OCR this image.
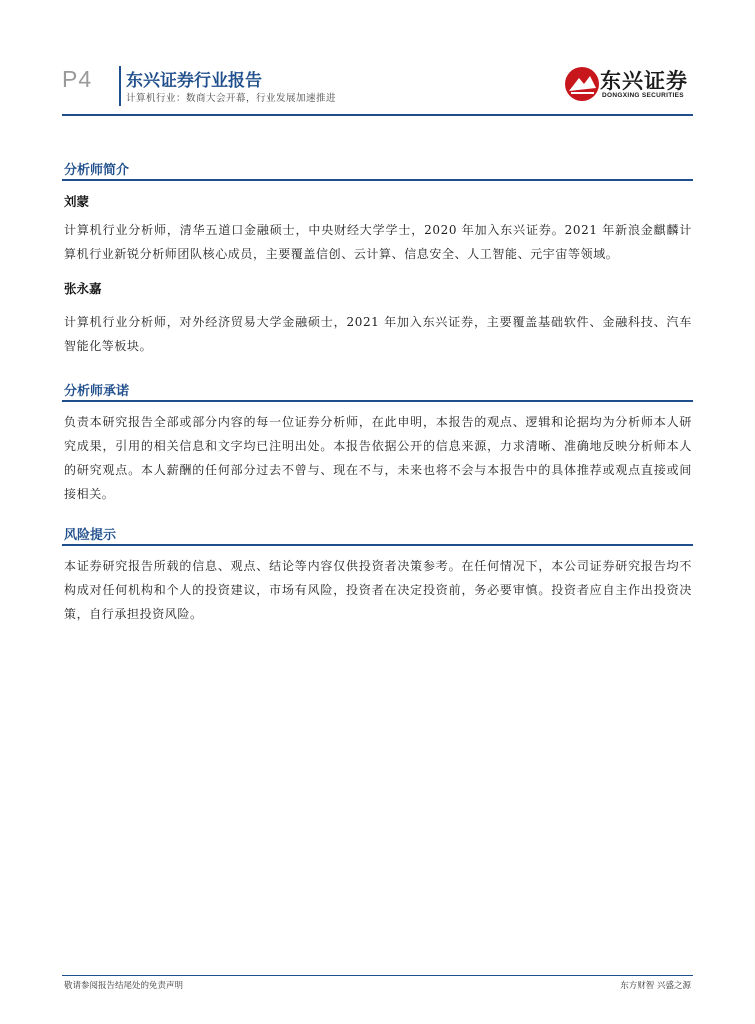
P4 东兴证券行业报告
计算机行业：数商大会开幕，行业发展加速推进
东兴证券
DONGXING SECURITIES
分析师简介
刘蒙
计算机行业分析师，清华五道口金融硕士，中央财经大学学士，2020 年加入东兴证券。2021 年新浪金麒麟计算机行业新锐分析师团队核心成员，主要覆盖信创、云计算、信息安全、人工智能、元宇宙等领域。
张永嘉
计算机行业分析师，对外经济贸易大学金融硕士，2021 年加入东兴证券，主要覆盖基础软件、金融科技、汽车智能化等板块。
分析师承诺
负责本研究报告全部或部分内容的每一位证券分析师，在此申明，本报告的观点、逻辑和论据均为分析师本人研究成果，引用的相关信息和文字均已注明出处。本报告依据公开的信息来源，力求清晰、准确地反映分析师本人的研究观点。本人薪酬的任何部分过去不曾与、现在不与，未来也将不会与本报告中的具体推荐或观点直接或间接相关。
风险提示
本证券研究报告所载的信息、观点、结论等内容仅供投资者决策参考。在任何情况下，本公司证券研究报告均不构成对任何机构和个人的投资建议，市场有风险，投资者在决定投资前，务必要审慎。投资者应自主作出投资决策，自行承担投资风险。
敬请参阅报告结尾处的免责声明	东方财智 兴盛之源
